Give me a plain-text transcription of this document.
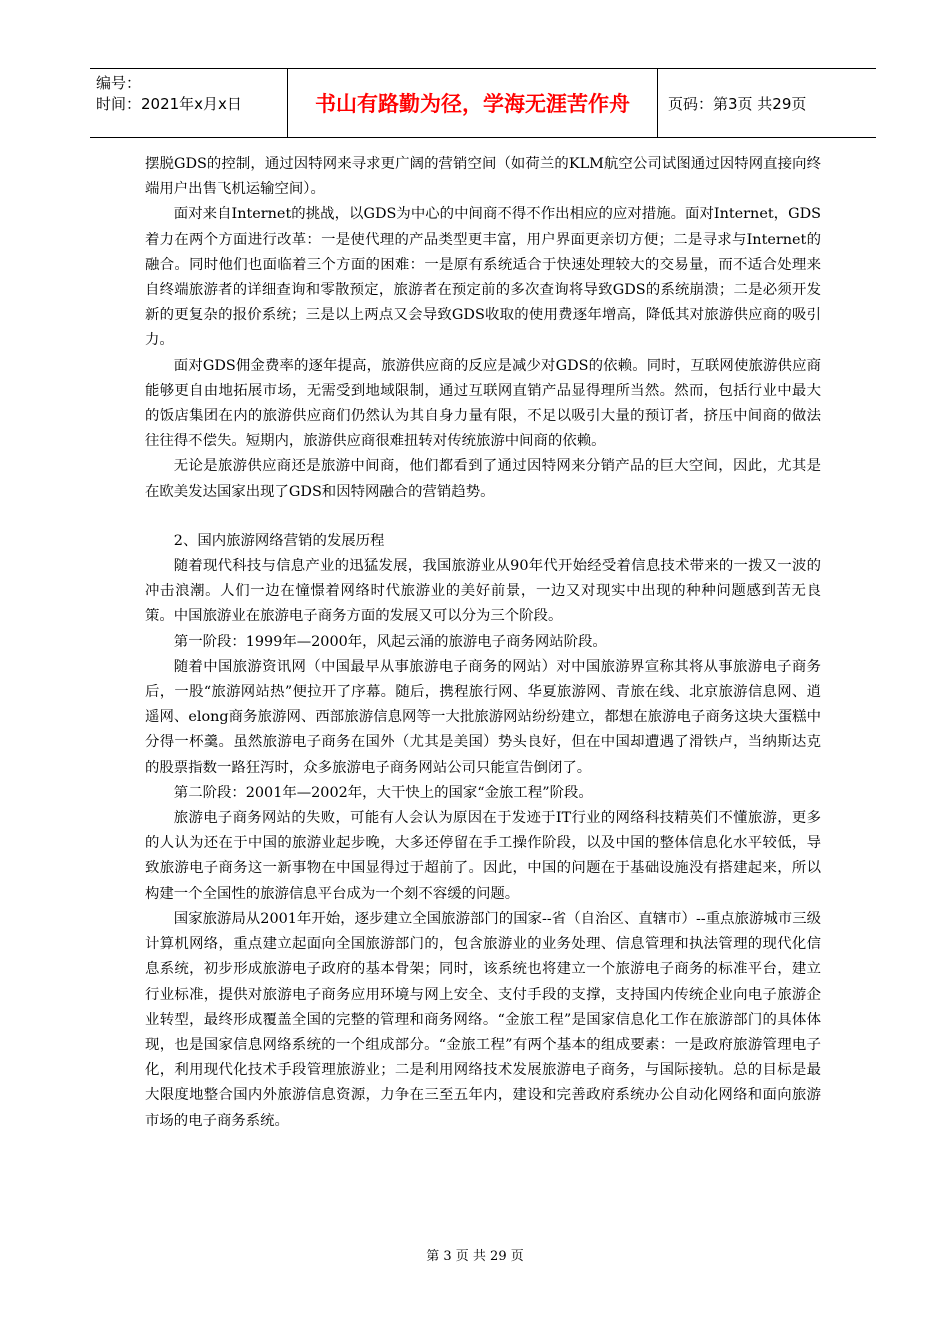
编号：
时间：2021年x月x日	书山有路勤为径，学海无涯苦作舟	页码：第3页 共29页

摆脱GDS的控制，通过因特网来寻求更广阔的营销空间（如荷兰的KLM航空公司试图通过因特网直接向终端用户出售飞机运输空间）。

面对来自Internet的挑战，以GDS为中心的中间商不得不作出相应的应对措施。面对Internet，GDS着力在两个方面进行改革：一是使代理的产品类型更丰富，用户界面更亲切方便；二是寻求与Internet的融合。同时他们也面临着三个方面的困难：一是原有系统适合于快速处理较大的交易量，而不适合处理来自终端旅游者的详细查询和零散预定，旅游者在预定前的多次查询将导致GDS的系统崩溃；二是必须开发新的更复杂的报价系统；三是以上两点又会导致GDS收取的使用费逐年增高，降低其对旅游供应商的吸引力。

面对GDS佣金费率的逐年提高，旅游供应商的反应是减少对GDS的依赖。同时，互联网使旅游供应商能够更自由地拓展市场，无需受到地域限制，通过互联网直销产品显得理所当然。然而，包括行业中最大的饭店集团在内的旅游供应商们仍然认为其自身力量有限，不足以吸引大量的预订者，挤压中间商的做法往往得不偿失。短期内，旅游供应商很难扭转对传统旅游中间商的依赖。

无论是旅游供应商还是旅游中间商，他们都看到了通过因特网来分销产品的巨大空间，因此，尤其是在欧美发达国家出现了GDS和因特网融合的营销趋势。

2、国内旅游网络营销的发展历程

随着现代科技与信息产业的迅猛发展，我国旅游业从90年代开始经受着信息技术带来的一拨又一波的冲击浪潮。人们一边在憧憬着网络时代旅游业的美好前景，一边又对现实中出现的种种问题感到苦无良策。中国旅游业在旅游电子商务方面的发展又可以分为三个阶段。

第一阶段：1999年—2000年，风起云涌的旅游电子商务网站阶段。

随着中国旅游资讯网（中国最早从事旅游电子商务的网站）对中国旅游界宣称其将从事旅游电子商务后，一股“旅游网站热”便拉开了序幕。随后，携程旅行网、华夏旅游网、青旅在线、北京旅游信息网、逍遥网、elong商务旅游网、西部旅游信息网等一大批旅游网站纷纷建立，都想在旅游电子商务这块大蛋糕中分得一杯羹。虽然旅游电子商务在国外（尤其是美国）势头良好，但在中国却遭遇了滑铁卢，当纳斯达克的股票指数一路狂泻时，众多旅游电子商务网站公司只能宣告倒闭了。

第二阶段：2001年—2002年，大干快上的国家“金旅工程”阶段。

旅游电子商务网站的失败，可能有人会认为原因在于发迹于IT行业的网络科技精英们不懂旅游，更多的人认为还在于中国的旅游业起步晚，大多还停留在手工操作阶段，以及中国的整体信息化水平较低，导致旅游电子商务这一新事物在中国显得过于超前了。因此，中国的问题在于基础设施没有搭建起来，所以构建一个全国性的旅游信息平台成为一个刻不容缓的问题。

国家旅游局从2001年开始，逐步建立全国旅游部门的国家--省（自治区、直辖市）--重点旅游城市三级计算机网络，重点建立起面向全国旅游部门的，包含旅游业的业务处理、信息管理和执法管理的现代化信息系统，初步形成旅游电子政府的基本骨架；同时，该系统也将建立一个旅游电子商务的标准平台，建立行业标准，提供对旅游电子商务应用环境与网上安全、支付手段的支撑，支持国内传统企业向电子旅游企业转型，最终形成覆盖全国的完整的管理和商务网络。“金旅工程”是国家信息化工作在旅游部门的具体体现，也是国家信息网络系统的一个组成部分。“金旅工程”有两个基本的组成要素：一是政府旅游管理电子化，利用现代化技术手段管理旅游业；二是利用网络技术发展旅游电子商务，与国际接轨。总的目标是最大限度地整合国内外旅游信息资源，力争在三至五年内，建设和完善政府系统办公自动化网络和面向旅游市场的电子商务系统。

第 3 页 共 29 页
